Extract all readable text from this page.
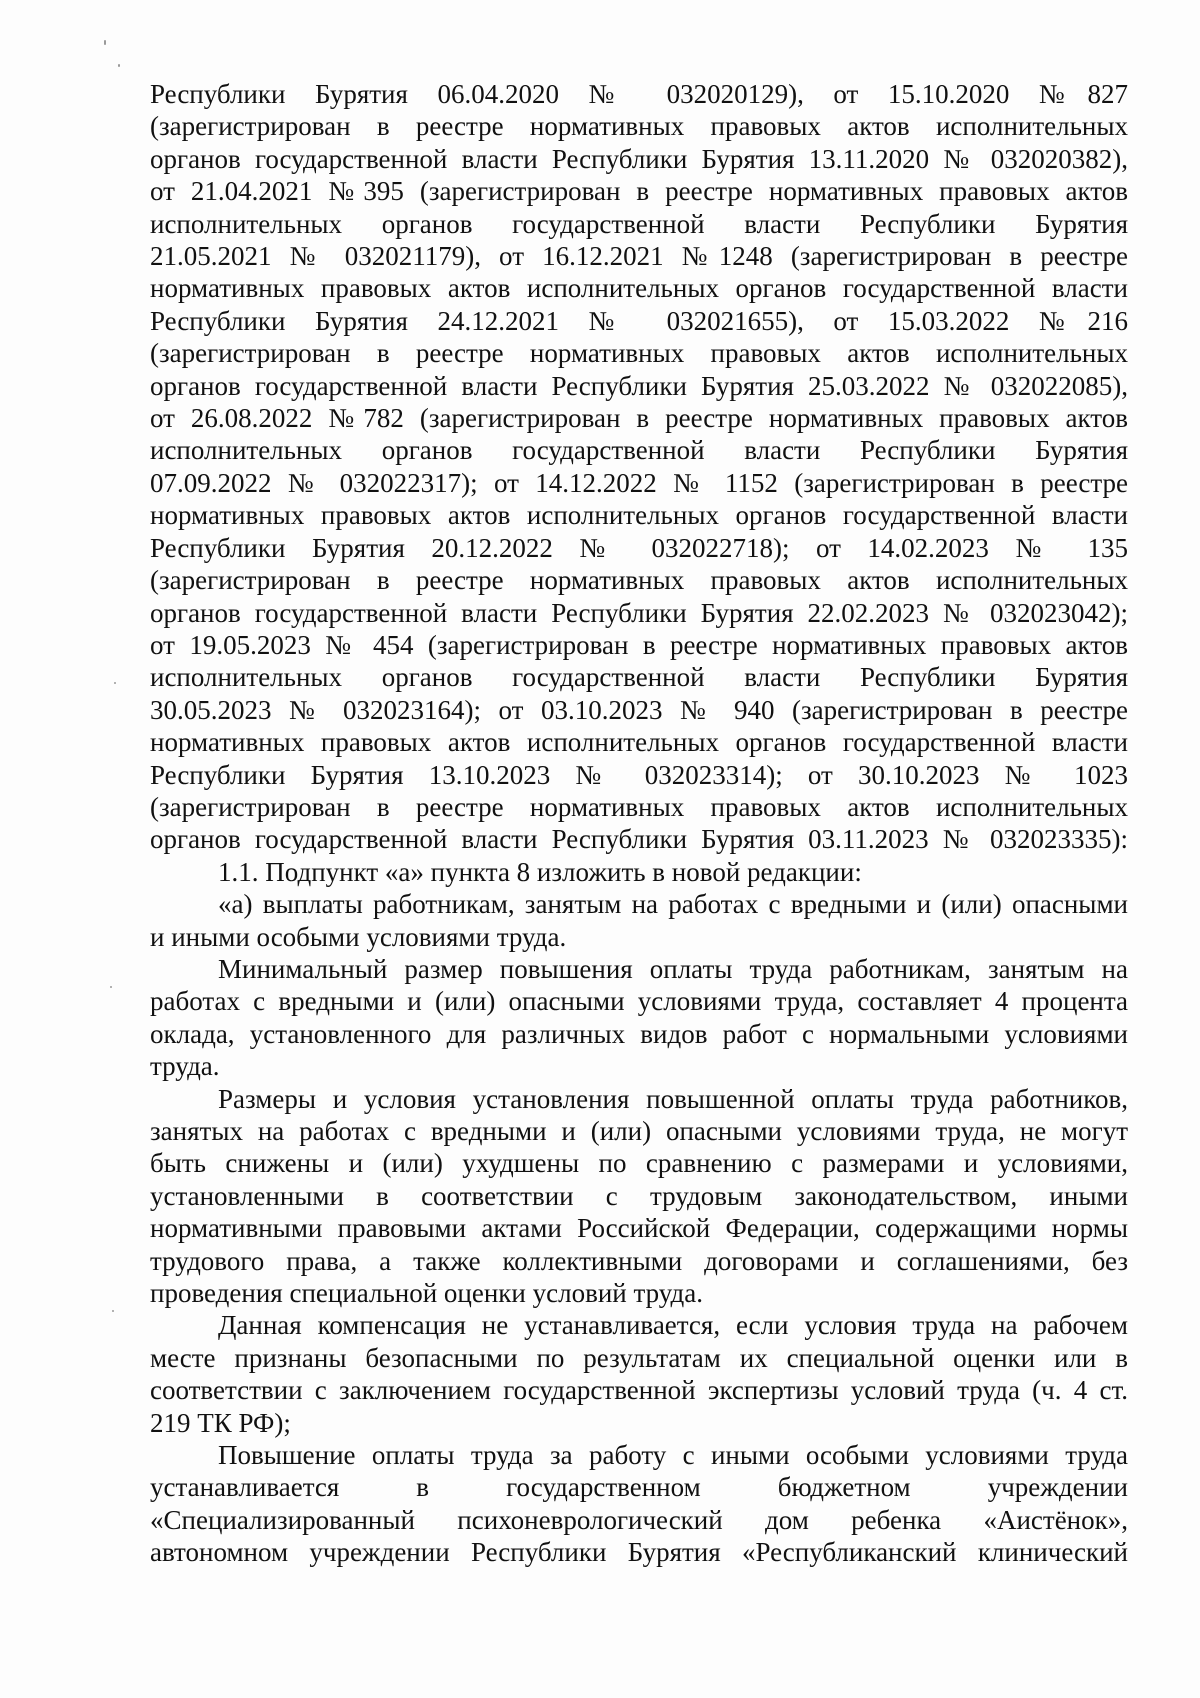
Республики Бурятия 06.04.2020 № 032020129), от 15.10.2020 №827
(зарегистрирован в реестре нормативных правовых актов исполнительных
органов государственной власти Республики Бурятия 13.11.2020 № 032020382),
от 21.04.2021 №395 (зарегистрирован в реестре нормативных правовых актов
исполнительных органов государственной власти Республики Бурятия
21.05.2021 № 032021179), от 16.12.2021 №1248 (зарегистрирован в реестре
нормативных правовых актов исполнительных органов государственной власти
Республики Бурятия 24.12.2021 № 032021655), от 15.03.2022 №216
(зарегистрирован в реестре нормативных правовых актов исполнительных
органов государственной власти Республики Бурятия 25.03.2022 № 032022085),
от 26.08.2022 №782 (зарегистрирован в реестре нормативных правовых актов
исполнительных органов государственной власти Республики Бурятия
07.09.2022 № 032022317); от 14.12.2022 № 1152 (зарегистрирован в реестре
нормативных правовых актов исполнительных органов государственной власти
Республики Бурятия 20.12.2022 № 032022718); от 14.02.2023 № 135
(зарегистрирован в реестре нормативных правовых актов исполнительных
органов государственной власти Республики Бурятия 22.02.2023 № 032023042);
от 19.05.2023 № 454 (зарегистрирован в реестре нормативных правовых актов
исполнительных органов государственной власти Республики Бурятия
30.05.2023 № 032023164); от 03.10.2023 № 940 (зарегистрирован в реестре
нормативных правовых актов исполнительных органов государственной власти
Республики Бурятия 13.10.2023 № 032023314); от 30.10.2023 № 1023
(зарегистрирован в реестре нормативных правовых актов исполнительных
органов государственной власти Республики Бурятия 03.11.2023 № 032023335):
1.1. Подпункт «а» пункта 8 изложить в новой редакции:
«а) выплаты работникам, занятым на работах с вредными и (или) опасными
и иными особыми условиями труда.
Минимальный размер повышения оплаты труда работникам, занятым на
работах с вредными и (или) опасными условиями труда, составляет 4 процента
оклада, установленного для различных видов работ с нормальными условиями
труда.
Размеры и условия установления повышенной оплаты труда работников,
занятых на работах с вредными и (или) опасными условиями труда, не могут
быть снижены и (или) ухудшены по сравнению с размерами и условиями,
установленными в соответствии с трудовым законодательством, иными
нормативными правовыми актами Российской Федерации, содержащими нормы
трудового права, а также коллективными договорами и соглашениями, без
проведения специальной оценки условий труда.
Данная компенсация не устанавливается, если условия труда на рабочем
месте признаны безопасными по результатам их специальной оценки или в
соответствии с заключением государственной экспертизы условий труда (ч. 4 ст.
219 ТК РФ);
Повышение оплаты труда за работу с иными особыми условиями труда
устанавливается в государственном бюджетном учреждении
«Специализированный психоневрологический дом ребенка «Аистёнок»,
автономном учреждении Республики Бурятия «Республиканский клинический
